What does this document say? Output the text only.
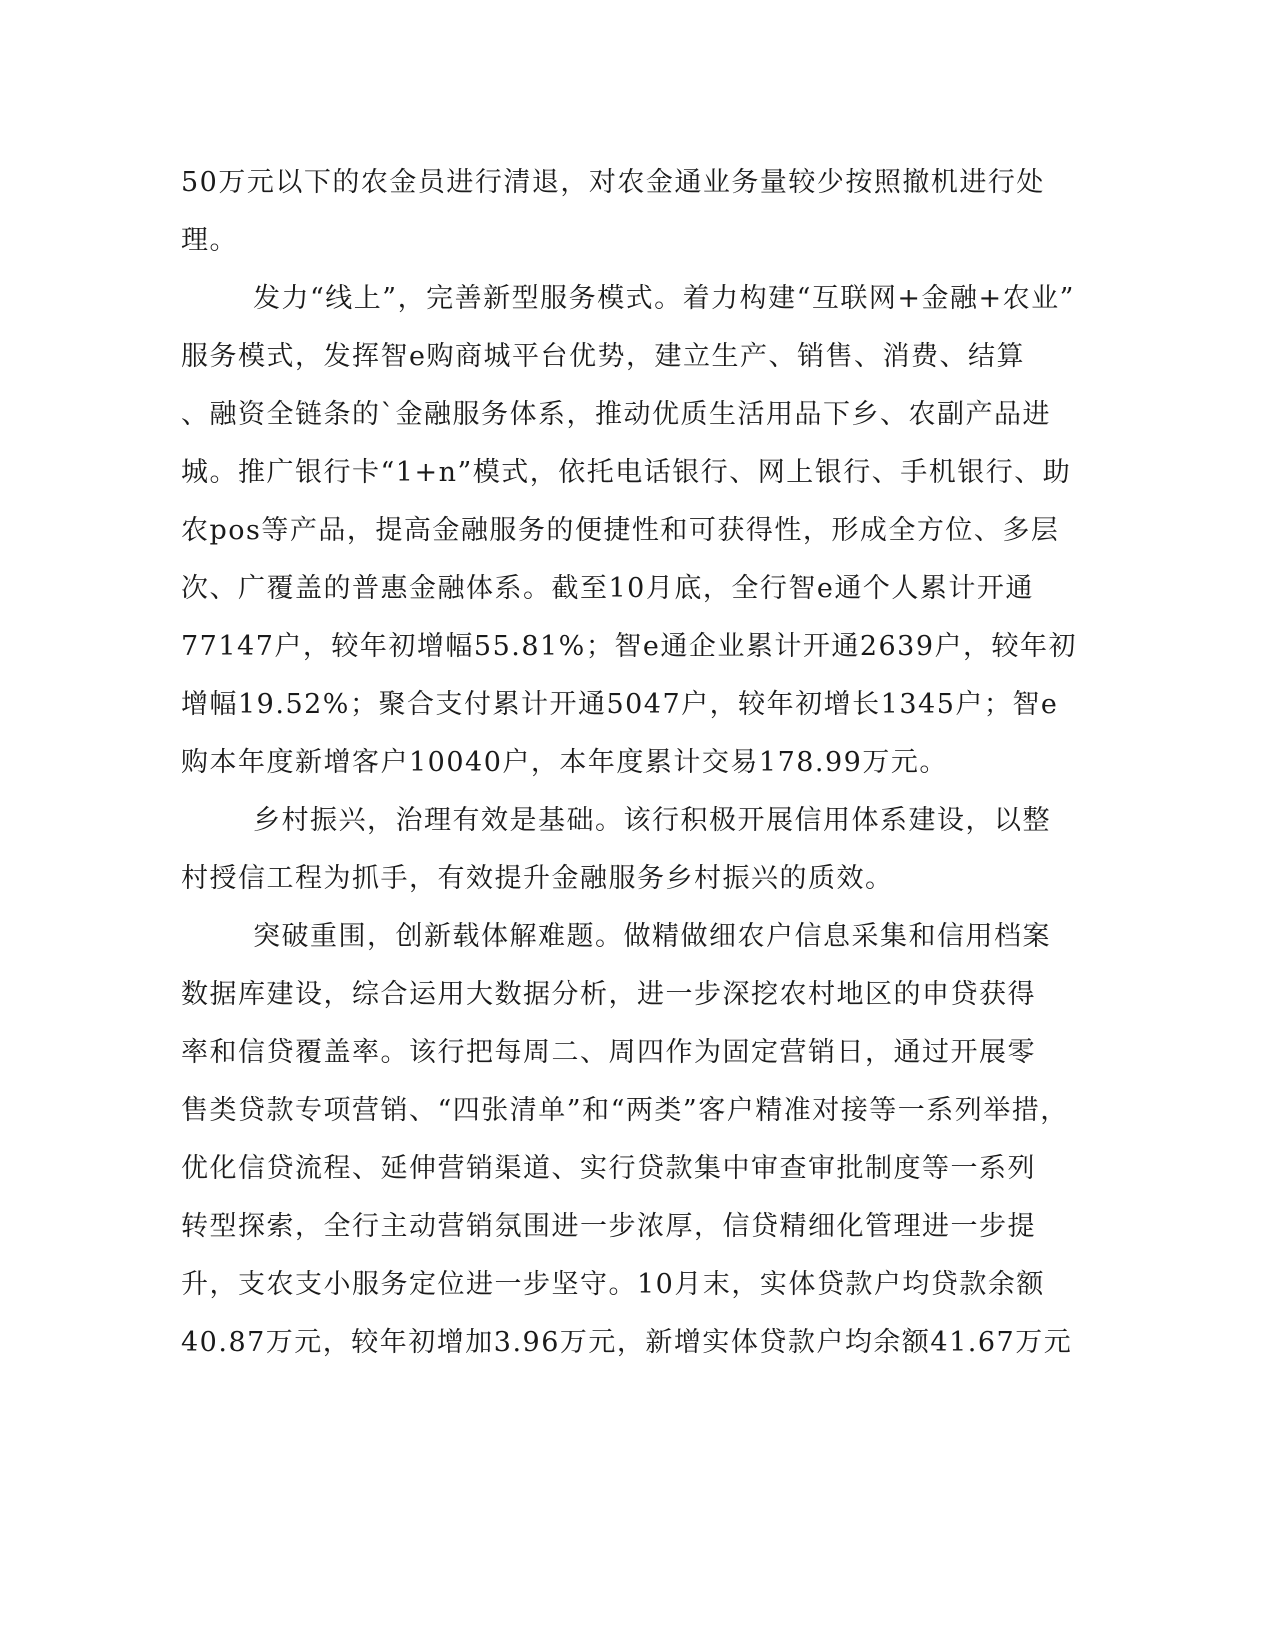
50万元以下的农金员进行清退，对农金通业务量较少按照撤机进行处
理。
发力“线上”，完善新型服务模式。着力构建“互联网+金融+农业”
服务模式，发挥智e购商城平台优势，建立生产、销售、消费、结算
、融资全链条的`金融服务体系，推动优质生活用品下乡、农副产品进
城。推广银行卡“1+n”模式，依托电话银行、网上银行、手机银行、助
农pos等产品，提高金融服务的便捷性和可获得性，形成全方位、多层
次、广覆盖的普惠金融体系。截至10月底，全行智e通个人累计开通
77147户，较年初增幅55.81%；智e通企业累计开通2639户，较年初
增幅19.52%；聚合支付累计开通5047户，较年初增长1345户；智e
购本年度新增客户10040户，本年度累计交易178.99万元。
乡村振兴，治理有效是基础。该行积极开展信用体系建设，以整
村授信工程为抓手，有效提升金融服务乡村振兴的质效。
突破重围，创新载体解难题。做精做细农户信息采集和信用档案
数据库建设，综合运用大数据分析，进一步深挖农村地区的申贷获得
率和信贷覆盖率。该行把每周二、周四作为固定营销日，通过开展零
售类贷款专项营销、“四张清单”和“两类”客户精准对接等一系列举措，
优化信贷流程、延伸营销渠道、实行贷款集中审查审批制度等一系列
转型探索，全行主动营销氛围进一步浓厚，信贷精细化管理进一步提
升，支农支小服务定位进一步坚守。10月末，实体贷款户均贷款余额
40.87万元，较年初增加3.96万元，新增实体贷款户均余额41.67万元
